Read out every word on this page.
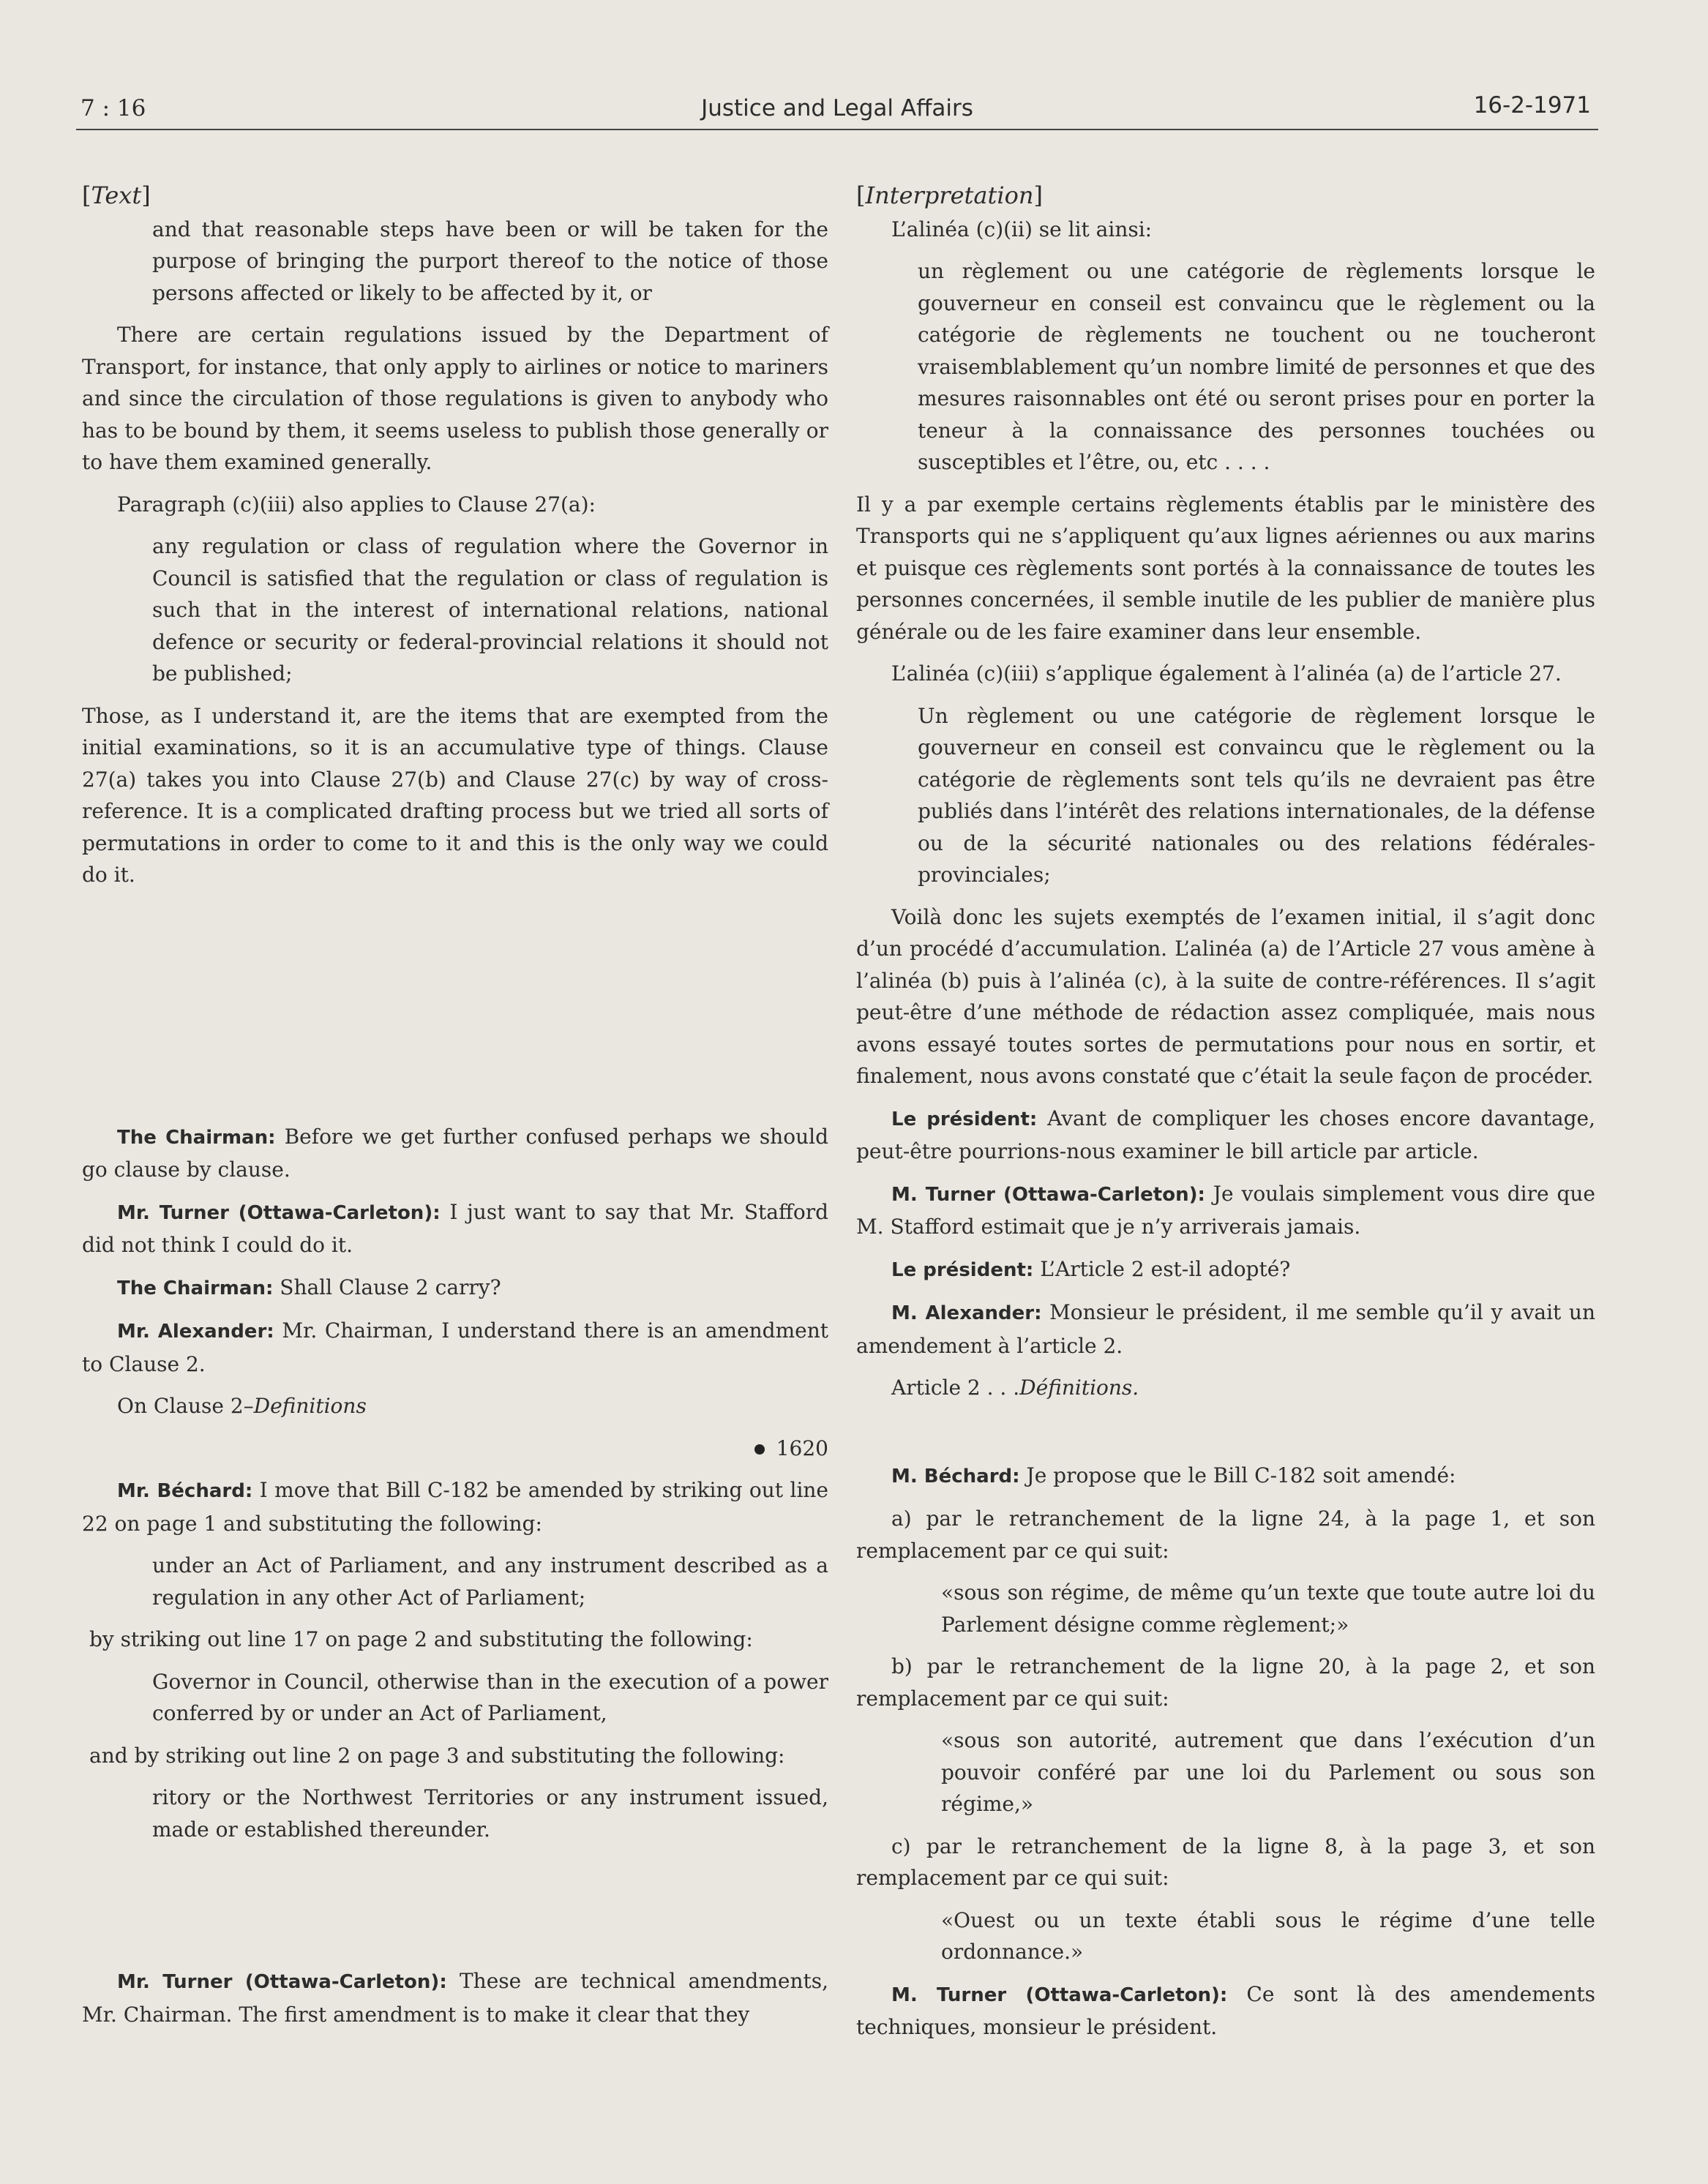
7 : 16	Justice and Legal Affairs	16-2-1971
[Text]

and that reasonable steps have been or will be taken for the purpose of bringing the purport thereof to the notice of those persons affected or likely to be affected by it, or

There are certain regulations issued by the Department of Transport, for instance, that only apply to airlines or notice to mariners and since the circulation of those regulations is given to anybody who has to be bound by them, it seems useless to publish those generally or to have them examined generally.

Paragraph (c)(iii) also applies to Clause 27(a):

any regulation or class of regulation where the Governor in Council is satisfied that the regulation or class of regulation is such that in the interest of international relations, national defence or security or federal-provincial relations it should not be published;

Those, as I understand it, are the items that are exempted from the initial examinations, so it is an accumulative type of things. Clause 27(a) takes you into Clause 27(b) and Clause 27(c) by way of cross-reference. It is a complicated drafting process but we tried all sorts of permutations in order to come to it and this is the only way we could do it.

The Chairman: Before we get further confused perhaps we should go clause by clause.

Mr. Turner (Ottawa-Carleton): I just want to say that Mr. Stafford did not think I could do it.

The Chairman: Shall Clause 2 carry?

Mr. Alexander: Mr. Chairman, I understand there is an amendment to Clause 2.

On Clause 2–Definitions

1620

Mr. Béchard: I move that Bill C-182 be amended by striking out line 22 on page 1 and substituting the following:

under an Act of Parliament, and any instrument described as a regulation in any other Act of Parliament;

by striking out line 17 on page 2 and substituting the following:

Governor in Council, otherwise than in the execution of a power conferred by or under an Act of Parliament,

and by striking out line 2 on page 3 and substituting the following:

ritory or the Northwest Territories or any instrument issued, made or established thereunder.

Mr. Turner (Ottawa-Carleton): These are technical amendments, Mr. Chairman. The first amendment is to make it clear that they

[Interpretation]

L’alinéa (c)(ii) se lit ainsi:

un règlement ou une catégorie de règlements lorsque le gouverneur en conseil est convaincu que le règlement ou la catégorie de règlements ne touchent ou ne toucheront vraisemblablement qu’un nombre limité de personnes et que des mesures raisonnables ont été ou seront prises pour en porter la teneur à la connaissance des personnes touchées ou susceptibles et l’être, ou, etc . . . .

Il y a par exemple certains règlements établis par le ministère des Transports qui ne s’appliquent qu’aux lignes aériennes ou aux marins et puisque ces règlements sont portés à la connaissance de toutes les personnes concernées, il semble inutile de les publier de manière plus générale ou de les faire examiner dans leur ensemble.

L’alinéa (c)(iii) s’applique également à l’alinéa (a) de l’article 27.

Un règlement ou une catégorie de règlement lorsque le gouverneur en conseil est convaincu que le règlement ou la catégorie de règlements sont tels qu’ils ne devraient pas être publiés dans l’intérêt des relations internationales, de la défense ou de la sécurité nationales ou des relations fédérales-provinciales;

Voilà donc les sujets exemptés de l’examen initial, il s’agit donc d’un procédé d’accumulation. L’alinéa (a) de l’Article 27 vous amène à l’alinéa (b) puis à l’alinéa (c), à la suite de contre-références. Il s’agit peut-être d’une méthode de rédaction assez compliquée, mais nous avons essayé toutes sortes de permutations pour nous en sortir, et finalement, nous avons constaté que c’était la seule façon de procéder.

Le président: Avant de compliquer les choses encore davantage, peut-être pourrions-nous examiner le bill article par article.

M. Turner (Ottawa-Carleton): Je voulais simplement vous dire que M. Stafford estimait que je n’y arriverais jamais.

Le président: L’Article 2 est-il adopté?

M. Alexander: Monsieur le président, il me semble qu’il y avait un amendement à l’article 2.

Article 2 . . .Définitions.

M. Béchard: Je propose que le Bill C-182 soit amendé:

a) par le retranchement de la ligne 24, à la page 1, et son remplacement par ce qui suit:

«sous son régime, de même qu’un texte que toute autre loi du Parlement désigne comme règlement;»

b) par le retranchement de la ligne 20, à la page 2, et son remplacement par ce qui suit:

«sous son autorité, autrement que dans l’exécution d’un pouvoir conféré par une loi du Parlement ou sous son régime,»

c) par le retranchement de la ligne 8, à la page 3, et son remplacement par ce qui suit:

«Ouest ou un texte établi sous le régime d’une telle ordonnance.»

M. Turner (Ottawa-Carleton): Ce sont là des amendements techniques, monsieur le président.
